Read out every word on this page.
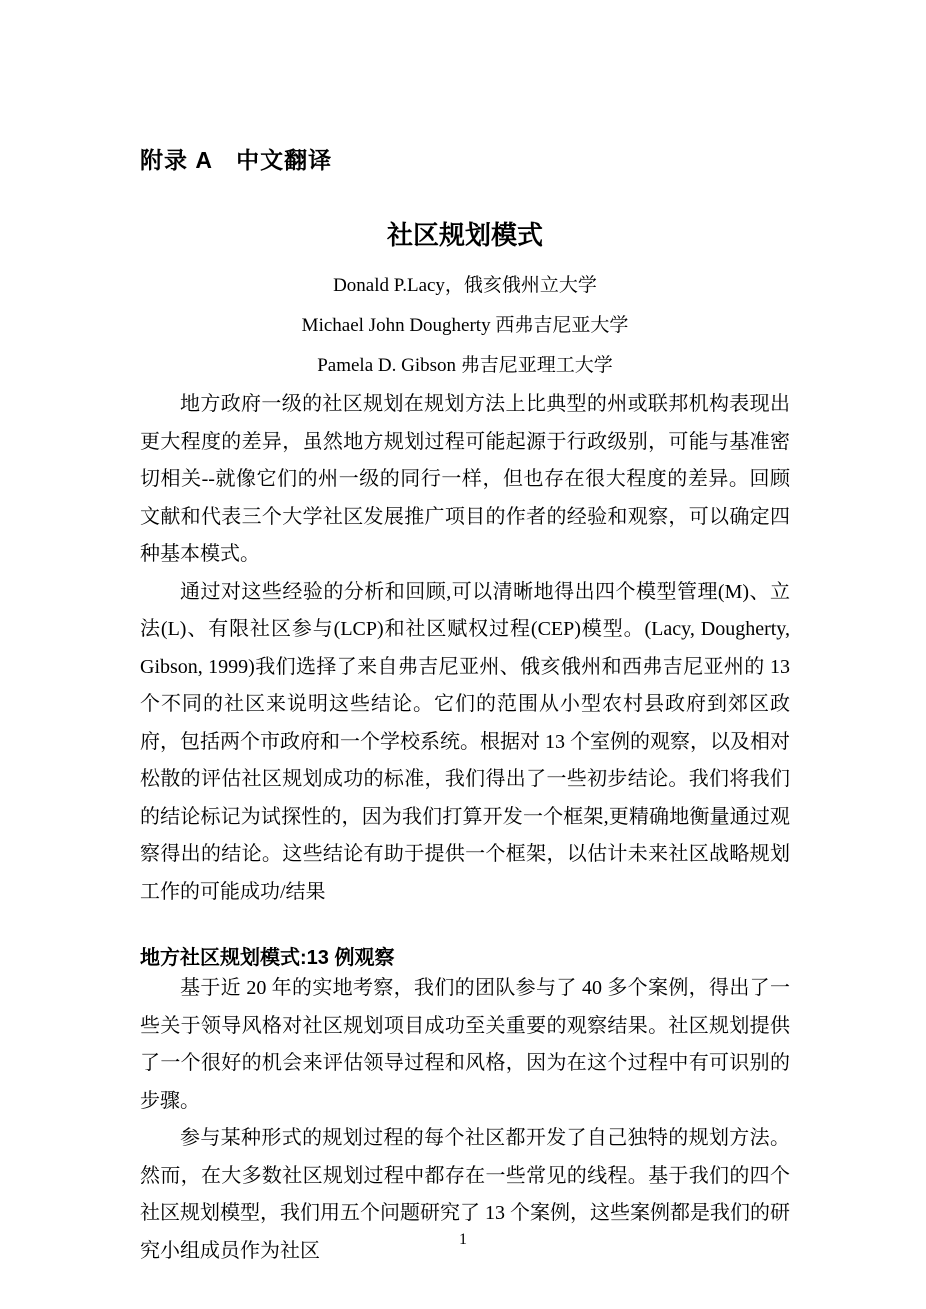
附录 A　中文翻译
社区规划模式

Donald P.Lacy，俄亥俄州立大学

Michael John Dougherty 西弗吉尼亚大学

Pamela D. Gibson 弗吉尼亚理工大学

地方政府一级的社区规划在规划方法上比典型的州或联邦机构表现出更大程度的差异，虽然地方规划过程可能起源于行政级别，可能与基准密切相关--就像它们的州一级的同行一样，但也存在很大程度的差异。回顾文献和代表三个大学社区发展推广项目的作者的经验和观察，可以确定四种基本模式。

通过对这些经验的分析和回顾,可以清晰地得出四个模型管理(M)、立法(L)、有限社区参与(LCP)和社区赋权过程(CEP)模型。(Lacy, Dougherty, Gibson, 1999)我们选择了来自弗吉尼亚州、俄亥俄州和西弗吉尼亚州的 13 个不同的社区来说明这些结论。它们的范围从小型农村县政府到郊区政府，包括两个市政府和一个学校系统。根据对 13 个室例的观察，以及相对松散的评估社区规划成功的标准，我们得出了一些初步结论。我们将我们的结论标记为试探性的，因为我们打算开发一个框架,更精确地衡量通过观察得出的结论。这些结论有助于提供一个框架，以估计未来社区战略规划工作的可能成功/结果

地方社区规划模式:13 例观察

基于近 20 年的实地考察，我们的团队参与了 40 多个案例，得出了一些关于领导风格对社区规划项目成功至关重要的观察结果。社区规划提供了一个很好的机会来评估领导过程和风格，因为在这个过程中有可识别的步骤。

参与某种形式的规划过程的每个社区都开发了自己独特的规划方法。然而，在大多数社区规划过程中都存在一些常见的线程。基于我们的四个社区规划模型，我们用五个问题研究了 13 个案例，这些案例都是我们的研究小组成员作为社区	1
